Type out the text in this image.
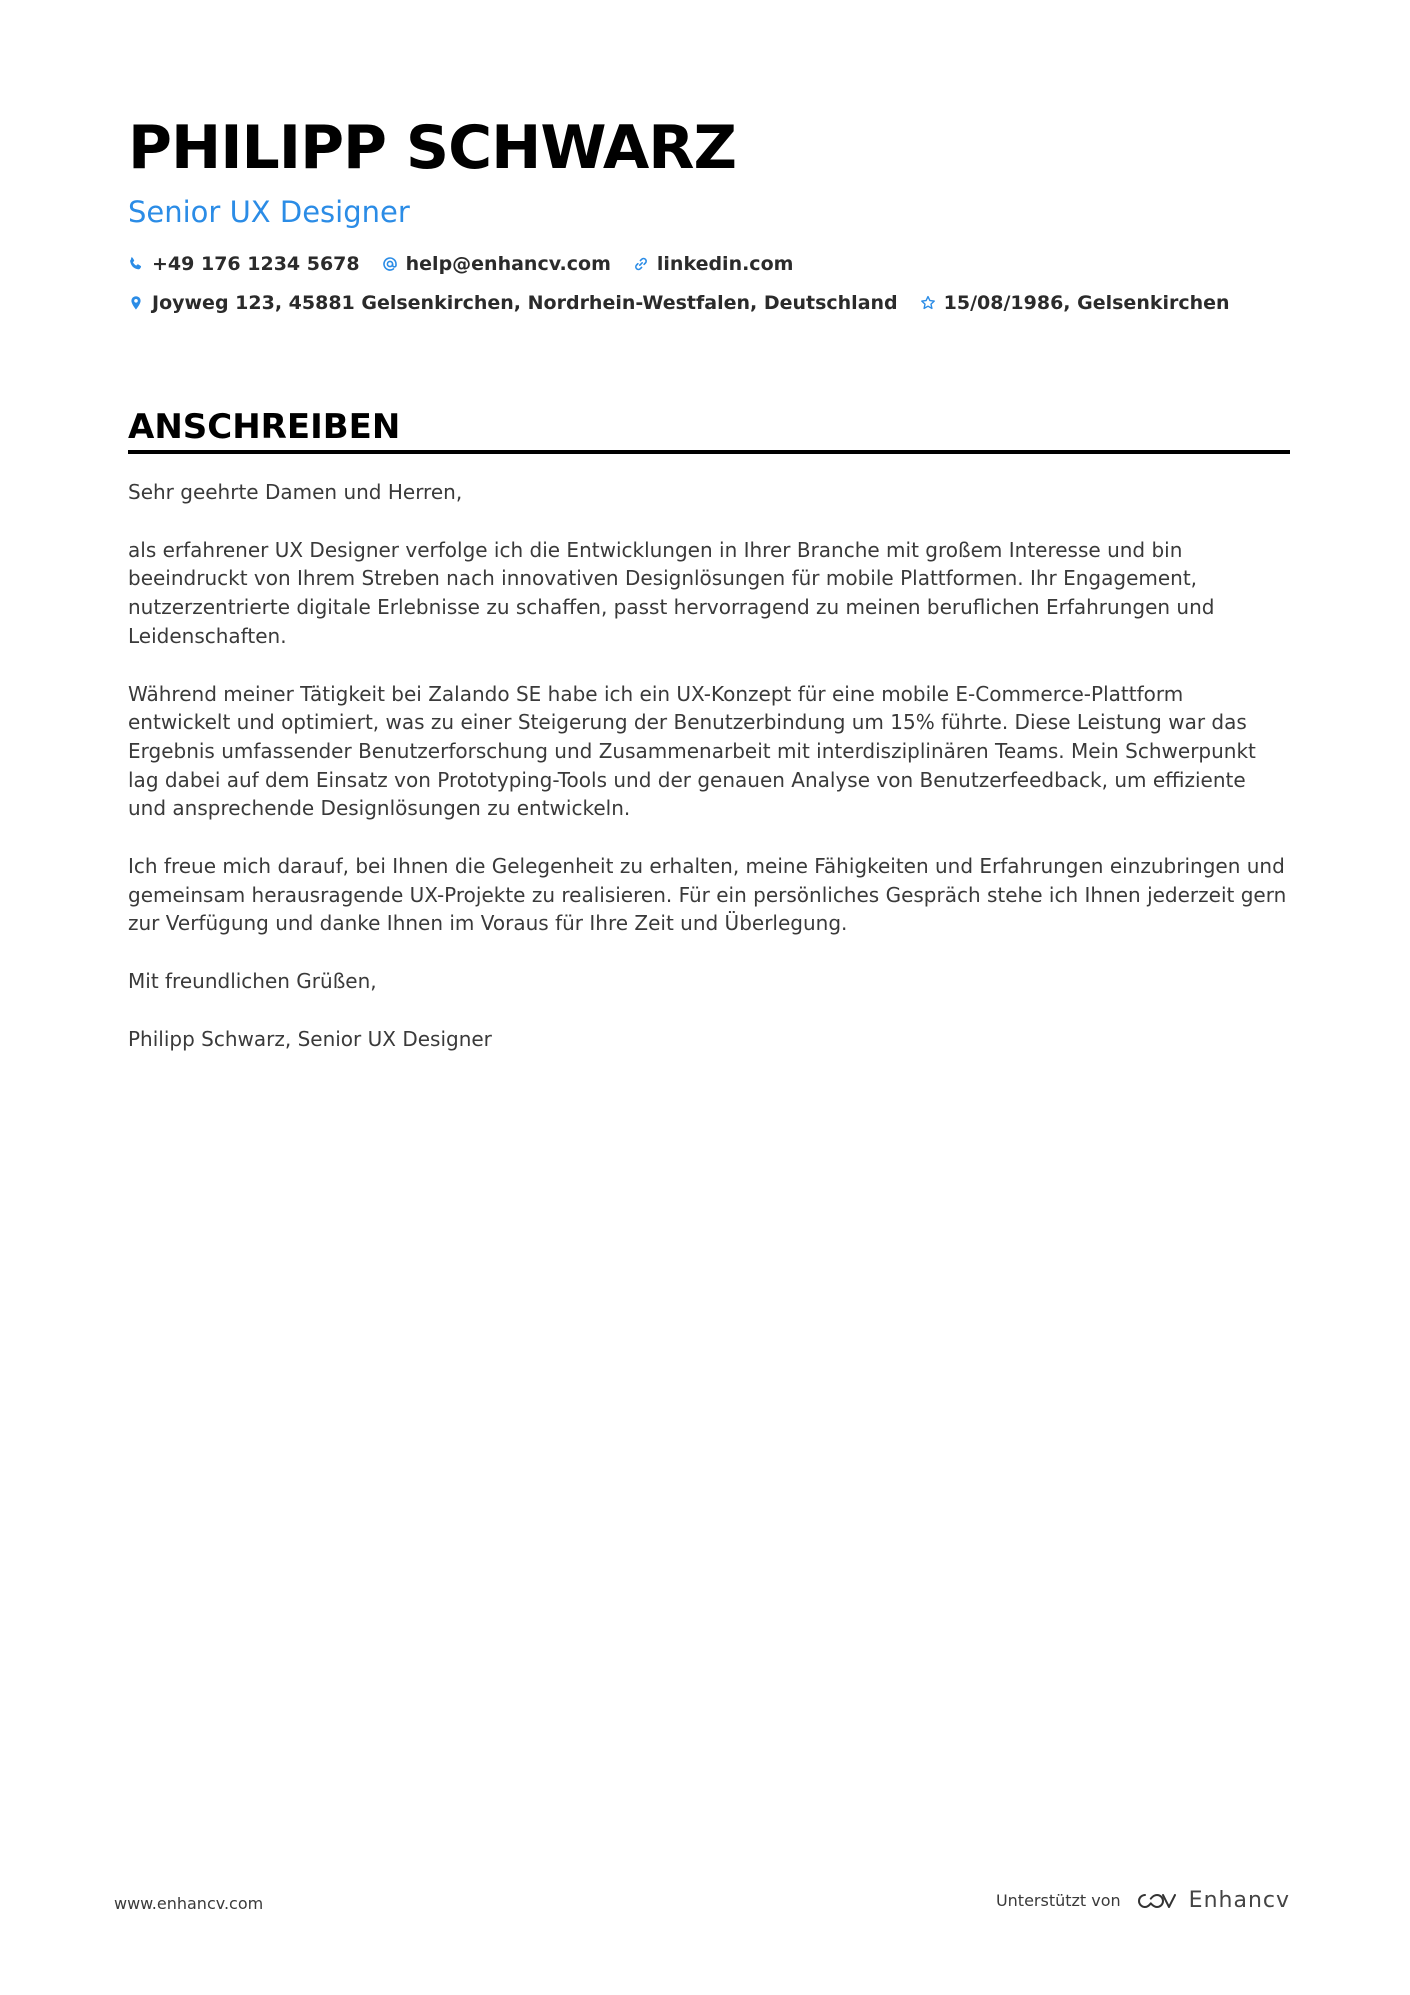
PHILIPP SCHWARZ
Senior UX Designer
+49 176 1234 5678 help@enhancv.com linkedin.com
Joyweg 123, 45881 Gelsenkirchen, Nordrhein-Westfalen, Deutschland 15/08/1986, Gelsenkirchen
ANSCHREIBEN

Sehr geehrte Damen und Herren,

als erfahrener UX Designer verfolge ich die Entwicklungen in Ihrer Branche mit großem Interesse und bin beeindruckt von Ihrem Streben nach innovativen Designlösungen für mobile Plattformen. Ihr Engagement, nutzerzentrierte digitale Erlebnisse zu schaffen, passt hervorragend zu meinen beruflichen Erfahrungen und Leidenschaften.

Während meiner Tätigkeit bei Zalando SE habe ich ein UX-Konzept für eine mobile E-Commerce-Plattform entwickelt und optimiert, was zu einer Steigerung der Benutzerbindung um 15% führte. Diese Leistung war das Ergebnis umfassender Benutzerforschung und Zusammenarbeit mit interdisziplinären Teams. Mein Schwerpunkt lag dabei auf dem Einsatz von Prototyping-Tools und der genauen Analyse von Benutzerfeedback, um effiziente und ansprechende Designlösungen zu entwickeln.

Ich freue mich darauf, bei Ihnen die Gelegenheit zu erhalten, meine Fähigkeiten und Erfahrungen einzubringen und gemeinsam herausragende UX-Projekte zu realisieren. Für ein persönliches Gespräch stehe ich Ihnen jederzeit gern zur Verfügung und danke Ihnen im Voraus für Ihre Zeit und Überlegung.

Mit freundlichen Grüßen,

Philipp Schwarz, Senior UX Designer

www.enhancv.com	Unterstützt von	Enhancv
